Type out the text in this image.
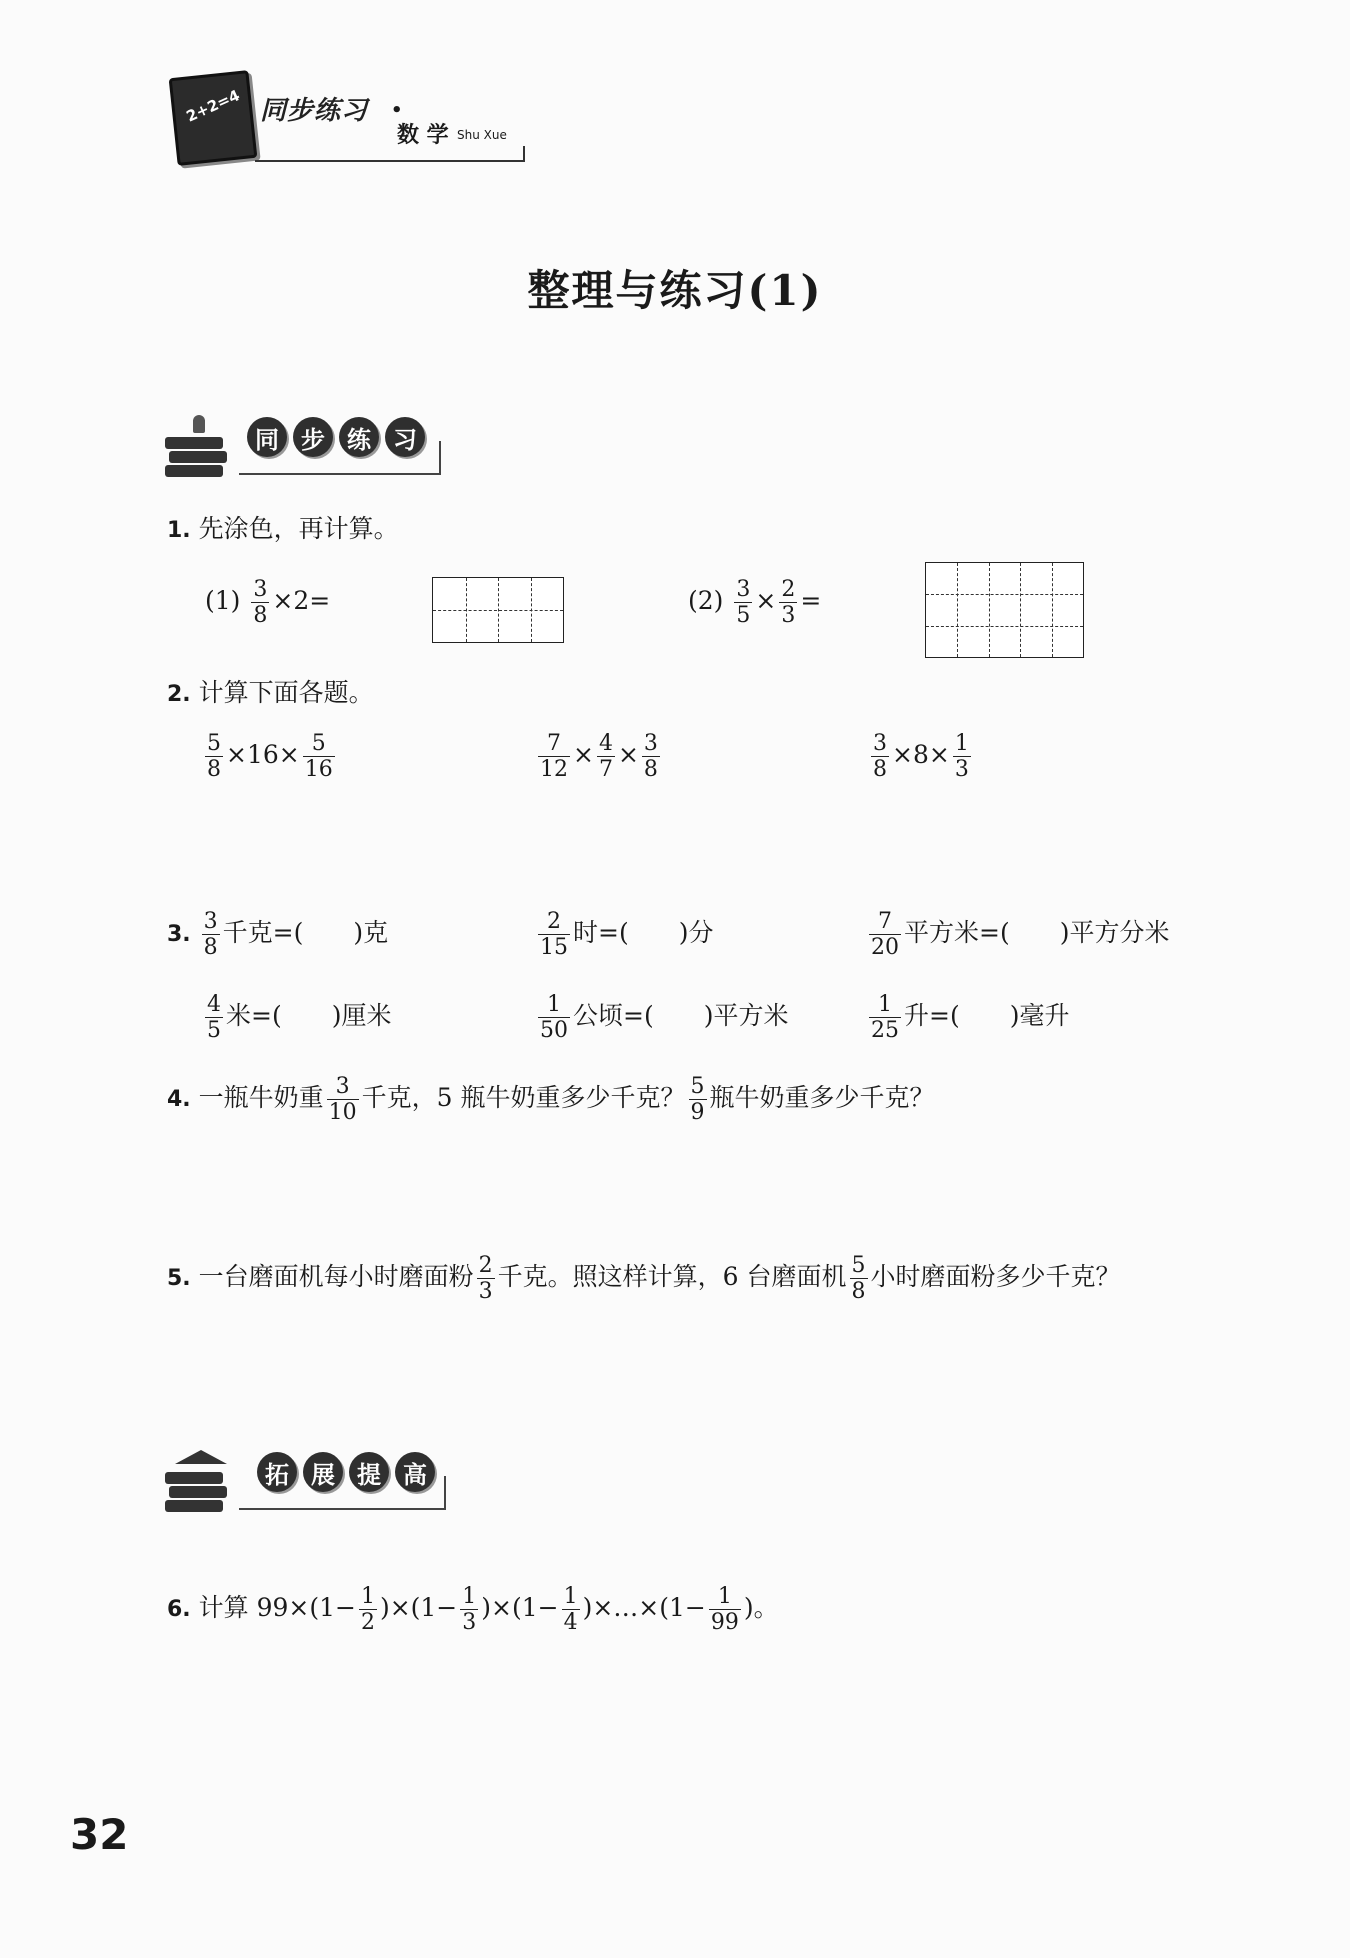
2+2=4 同步练习 •
数 学 Shu Xue
整理与练习(1)
同 步 练 习
1. 先涂色，再计算。
$(1) \frac{3}{8} \times 2=$	$(2) \frac{3}{5} \times \frac{2}{3}$ =
2. 计算下面各题。
$\frac{5}{8} \times 16\times \frac{5}{16}$	$\frac{7}{12} \times \frac{4}{7} \times \frac{3}{8}$	$\frac{3}{8} \times 8\times \frac{1}{3}$
3. $\frac{3}{8}$ 千克=(　　)克	$\frac{2}{15}$ 时=(　　)分	$\frac{7}{20}$ 平方米=(　　)平方分米
$\frac{4}{5}$ 米=(　　)厘米	$\frac{1}{50}$ 公顷=(　　)平方米	$\frac{1}{25}$ 升=(　　)毫升
4. 一瓶牛奶重 $\frac{3}{10}$ 千克，5 瓶牛奶重多少千克？ $\frac{5}{9}$ 瓶牛奶重多少千克？
5. 一台磨面机每小时磨面粉 $\frac{2}{3}$ 千克。照这样计算，6 台磨面机 $\frac{5}{8}$ 小时磨面粉多少千克？
拓 展 提 高
6. 计算 $99\times(1- \frac{1}{2} )\times(1- \frac{1}{3} )\times(1- \frac{1}{4}$ )×…×(1− $\frac{1}{99}$ )。
32
